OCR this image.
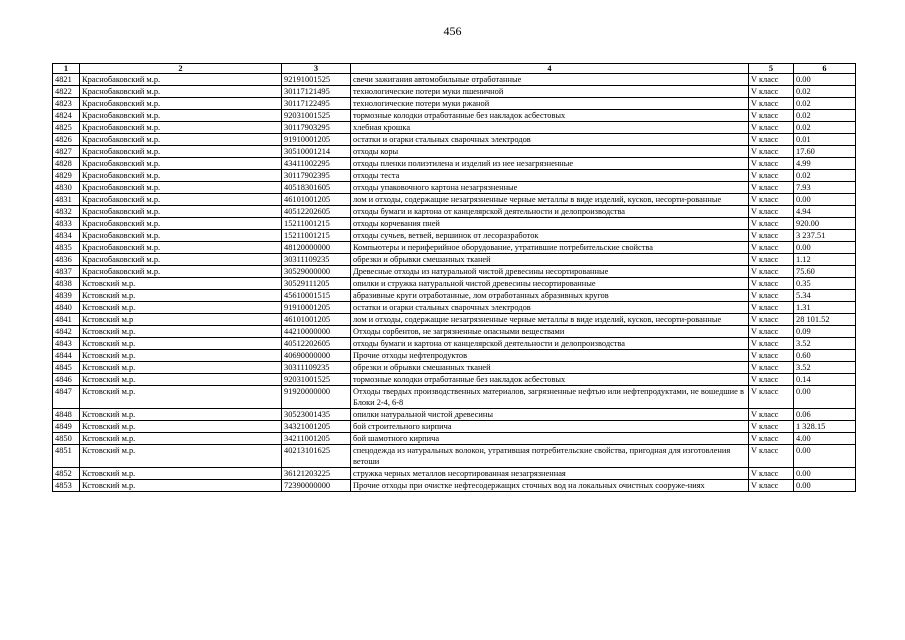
456
1	2	3	4	5	6
4821	Краснобаковский м.р.	92191001525	свечи зажигания автомобильные отработанные	V класс	0.00
4822	Краснобаковский м.р.	30117121495	технологические потери муки пшеничной	V класс	0.02
4823	Краснобаковский м.р.	30117122495	технологические потери муки ржаной	V класс	0.02
4824	Краснобаковский м.р.	92031001525	тормозные колодки отработанные без накладок асбестовых	V класс	0.02
4825	Краснобаковский м.р.	30117903295	хлебная крошка	V класс	0.02
4826	Краснобаковский м.р.	91910001205	остатки и огарки стальных сварочных электродов	V класс	0.01
4827	Краснобаковский м.р.	30510001214	отходы коры	V класс	17.60
4828	Краснобаковский м.р.	43411002295	отходы пленки полиэтилена и изделий из нее незагрязненные	V класс	4.99
4829	Краснобаковский м.р.	30117902395	отходы теста	V класс	0.02
4830	Краснобаковский м.р.	40518301605	отходы упаковочного картона незагрязненные	V класс	7.93
4831	Краснобаковский м.р.	46101001205	лом и отходы, содержащие незагрязненные черные металлы в виде изделий, кусков, несорти-рованные	V класс	0.00
4832	Краснобаковский м.р.	40512202605	отходы бумаги и картона от канцелярской деятельности и делопроизводства	V класс	4.94
4833	Краснобаковский м.р.	15211001215	отходы корчевания пней	V класс	920.00
4834	Краснобаковский м.р.	15211001215	отходы сучьев, ветвей, вершинок от лесоразработок	V класс	3 237.51
4835	Краснобаковский м.р.	48120000000	Компьютеры и периферийное оборудование, утратившие потребительские свойства	V класс	0.00
4836	Краснобаковский м.р.	30311109235	обрезки и обрывки смешанных тканей	V класс	1.12
4837	Краснобаковский м.р.	30529000000	Древесные отходы из натуральной чистой древесины несортированные	V класс	75.60
4838	Кстовский м.р.	30529111205	опилки и стружка натуральной чистой древесины несортированные	V класс	0.35
4839	Кстовский м.р.	45610001515	абразивные круги отработанные, лом отработанных абразивных кругов	V класс	5.34
4840	Кстовский м.р.	91910001205	остатки и огарки стальных сварочных электродов	V класс	1.31
4841	Кстовский м.р	46101001205	лом и отходы, содержащие незагрязненные черные металлы в виде изделий, кусков, несорти-рованные	V класс	28 101.52
4842	Кстовский м.р.	44210000000	Отходы сорбентов, не загрязненные опасными веществами	V класс	0.09
4843	Кстовский м.р.	40512202605	отходы бумаги и картона от канцелярской деятельности и делопроизводства	V класс	3.52
4844	Кстовский м.р.	40690000000	Прочие отходы нефтепродуктов	V класс	0.60
4845	Кстовский м.р.	30311109235	обрезки и обрывки смешанных тканей	V класс	3.52
4846	Кстовский м.р.	92031001525	тормозные колодки отработанные без накладок асбестовых	V класс	0.14
4847	Кстовский м.р.	91920000000	Отходы твердых производственных материалов, загрязненные нефтью или нефтепродуктами, не вошедшие в Блоки 2-4, 6-8	V класс	0.00
4848	Кстовский м.р.	30523001435	опилки натуральной чистой древесины	V класс	0.06
4849	Кстовский м.р.	34321001205	бой строительного кирпича	V класс	1 328.15
4850	Кстовский м.р.	34211001205	бой шамотного кирпича	V класс	4.00
4851	Кстовский м.р.	40213101625	спецодежда из натуральных волокон, утратившая потребительские свойства, пригодная для изготовления ветоши	V класс	0.00
4852	Кстовский м.р.	36121203225	стружка черных металлов несортированная незагрязненная	V класс	0.00
4853	Кстовский м.р.	72390000000	Прочие отходы при очистке нефтесодержащих сточных вод на локальных очистных сооруже-ниях	V класс	0.00
